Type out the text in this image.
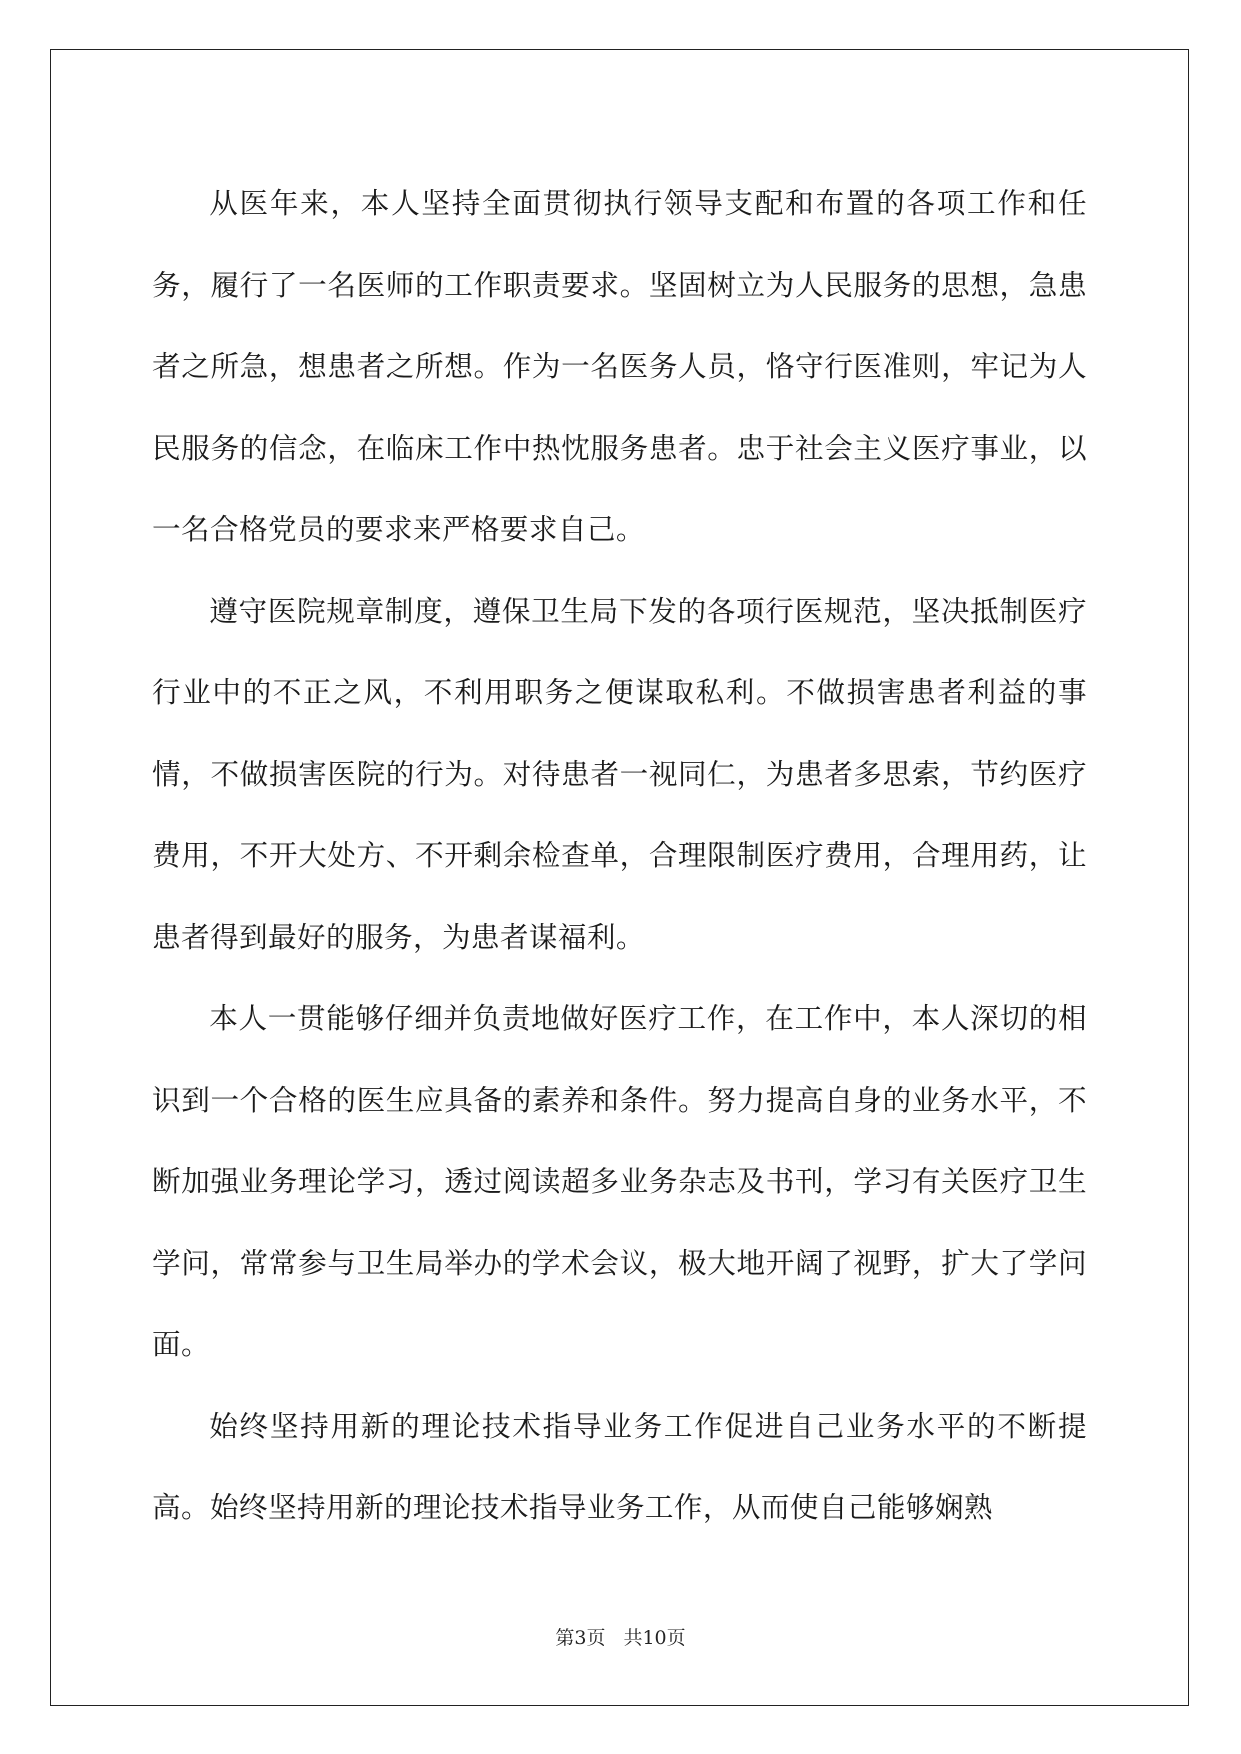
从医年来，本人坚持全面贯彻执行领导支配和布置的各项工作和任务，履行了一名医师的工作职责要求。坚固树立为人民服务的思想，急患者之所急，想患者之所想。作为一名医务人员，恪守行医准则，牢记为人民服务的信念，在临床工作中热忱服务患者。忠于社会主义医疗事业，以一名合格党员的要求来严格要求自己。

遵守医院规章制度，遵保卫生局下发的各项行医规范，坚决抵制医疗行业中的不正之风，不利用职务之便谋取私利。不做损害患者利益的事情，不做损害医院的行为。对待患者一视同仁，为患者多思索，节约医疗费用，不开大处方、不开剩余检查单，合理限制医疗费用，合理用药，让患者得到最好的服务，为患者谋福利。

本人一贯能够仔细并负责地做好医疗工作，在工作中，本人深切的相识到一个合格的医生应具备的素养和条件。努力提高自身的业务水平，不断加强业务理论学习，透过阅读超多业务杂志及书刊，学习有关医疗卫生学问，常常参与卫生局举办的学术会议，极大地开阔了视野，扩大了学问面。

始终坚持用新的理论技术指导业务工作促进自己业务水平的不断提高。始终坚持用新的理论技术指导业务工作，从而使自己能够娴熟

第3页 共10页
